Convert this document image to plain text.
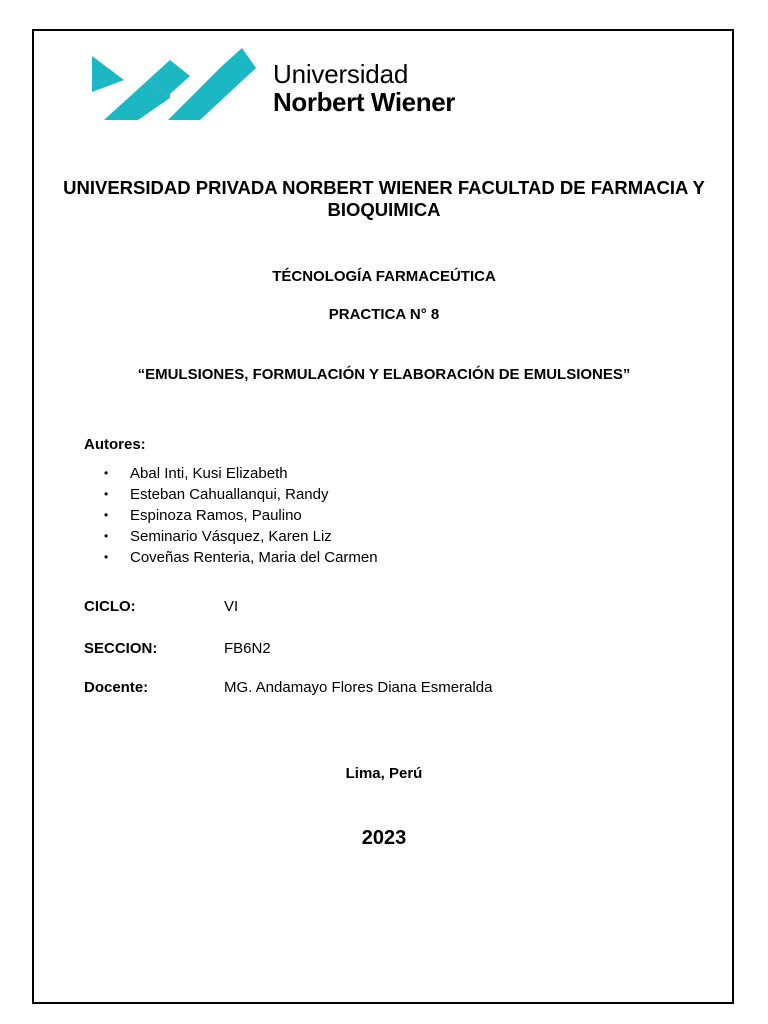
Universidad
Norbert Wiener
UNIVERSIDAD PRIVADA NORBERT WIENER FACULTAD DE FARMACIA Y BIOQUIMICA
TÉCNOLOGÍA FARMACEÚTICA
PRACTICA N° 8
“EMULSIONES, FORMULACIÓN Y ELABORACIÓN DE EMULSIONES”
Autores:
• Abal Inti, Kusi Elizabeth
• Esteban Cahuallanqui, Randy
• Espinoza Ramos, Paulino
• Seminario Vásquez, Karen Liz
• Coveñas Renteria, Maria del Carmen
CICLO:	VI
SECCION:	FB6N2
Docente:	MG. Andamayo Flores Diana Esmeralda
Lima, Perú
2023
